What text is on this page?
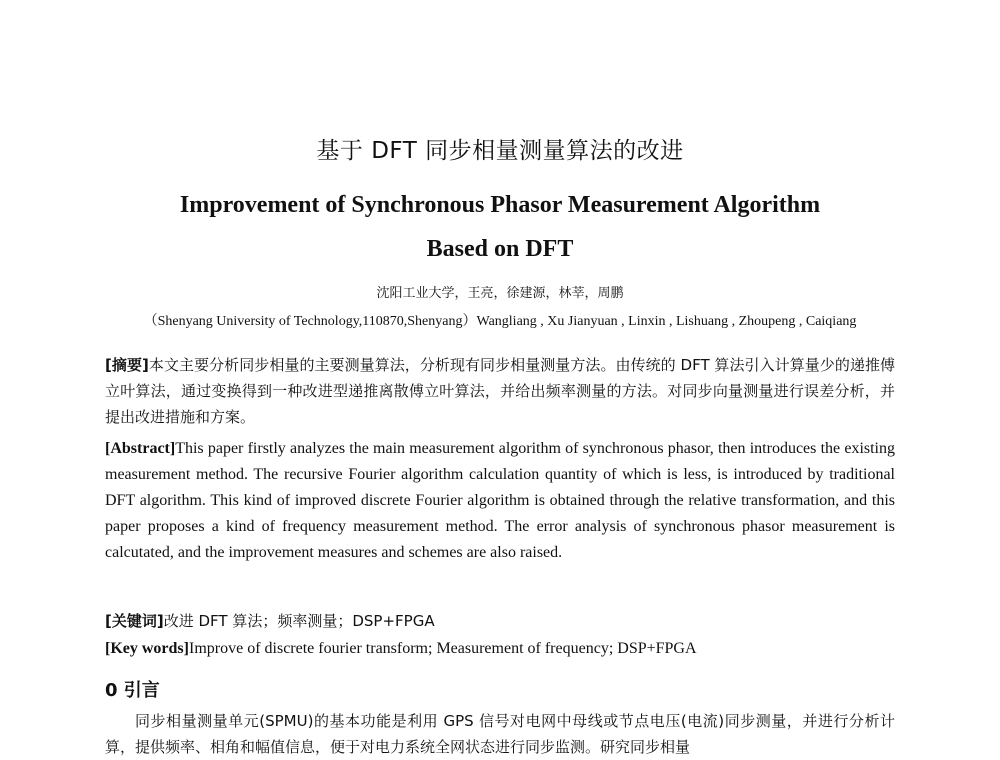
基于 DFT 同步相量测量算法的改进
Improvement of Synchronous Phasor Measurement Algorithm
Based on DFT
沈阳工业大学，王亮，徐建源，林莘，周鹏
（Shenyang University of Technology,110870,Shenyang）Wangliang , Xu Jianyuan , Linxin , Lishuang , Zhoupeng , Caiqiang
[摘要]本文主要分析同步相量的主要测量算法，分析现有同步相量测量方法。由传统的 DFT 算法引入计算量少的递推傅立叶算法，通过变换得到一种改进型递推离散傅立叶算法，并给出频率测量的方法。对同步向量测量进行误差分析，并提出改进措施和方案。
[Abstract]This paper firstly analyzes the main measurement algorithm of synchronous phasor, then introduces the existing measurement method. The recursive Fourier algorithm calculation quantity of which is less, is introduced by traditional DFT algorithm. This kind of improved discrete Fourier algorithm is obtained through the relative transformation, and this paper proposes a kind of frequency measurement method. The error analysis of synchronous phasor measurement is calcutated, and the improvement measures and schemes are also raised.
[关键词]改进 DFT 算法；频率测量；DSP+FPGA
[Key words]Improve of discrete fourier transform; Measurement of frequency; DSP+FPGA
0 引言
同步相量测量单元(SPMU)的基本功能是利用 GPS 信号对电网中母线或节点电压(电流)同步测量，并进行分析计算，提供频率、相角和幅值信息，便于对电力系统全网状态进行同步监测。研究同步相量
